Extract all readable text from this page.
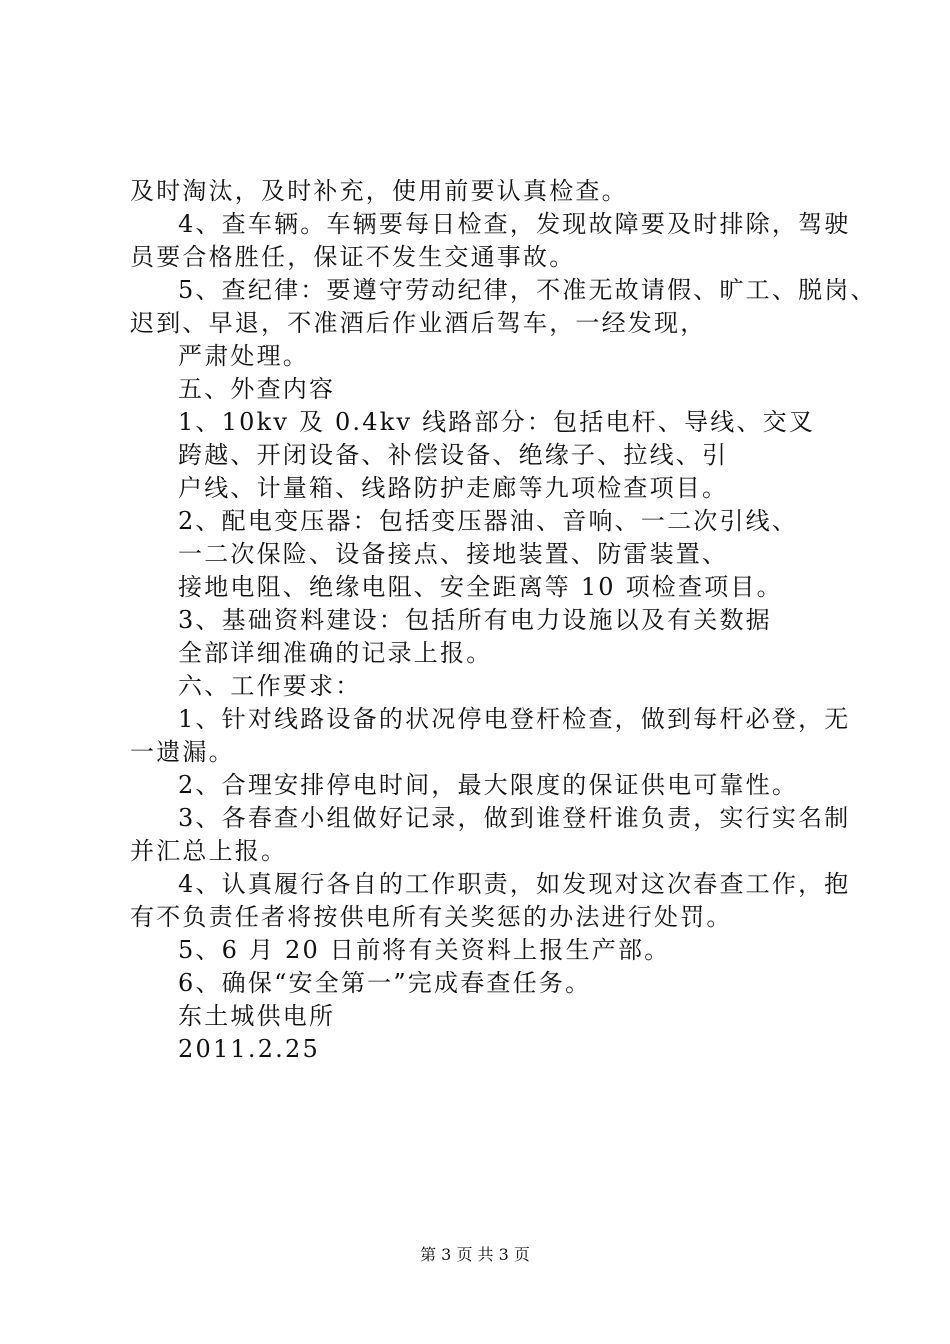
及时淘汰，及时补充，使用前要认真检查。
4、查车辆。车辆要每日检查，发现故障要及时排除，驾驶
员要合格胜任，保证不发生交通事故。
5、查纪律：要遵守劳动纪律，不准无故请假、旷工、脱岗、
迟到、早退，不准酒后作业酒后驾车，一经发现，
严肃处理。
五、外查内容
1、10kv 及 0.4kv 线路部分：包括电杆、导线、交叉
跨越、开闭设备、补偿设备、绝缘子、拉线、引
户线、计量箱、线路防护走廊等九项检查项目。
2、配电变压器：包括变压器油、音响、一二次引线、
一二次保险、设备接点、接地装置、防雷装置、
接地电阻、绝缘电阻、安全距离等 10 项检查项目。
3、基础资料建设：包括所有电力设施以及有关数据
全部详细准确的记录上报。
六、工作要求：
1、针对线路设备的状况停电登杆检查，做到每杆必登，无
一遗漏。
2、合理安排停电时间，最大限度的保证供电可靠性。
3、各春查小组做好记录，做到谁登杆谁负责，实行实名制
并汇总上报。
4、认真履行各自的工作职责，如发现对这次春查工作，抱
有不负责任者将按供电所有关奖惩的办法进行处罚。
5、6 月 20 日前将有关资料上报生产部。
6、确保“安全第一”完成春查任务。
东土城供电所
2011.2.25
第 3 页 共 3 页
